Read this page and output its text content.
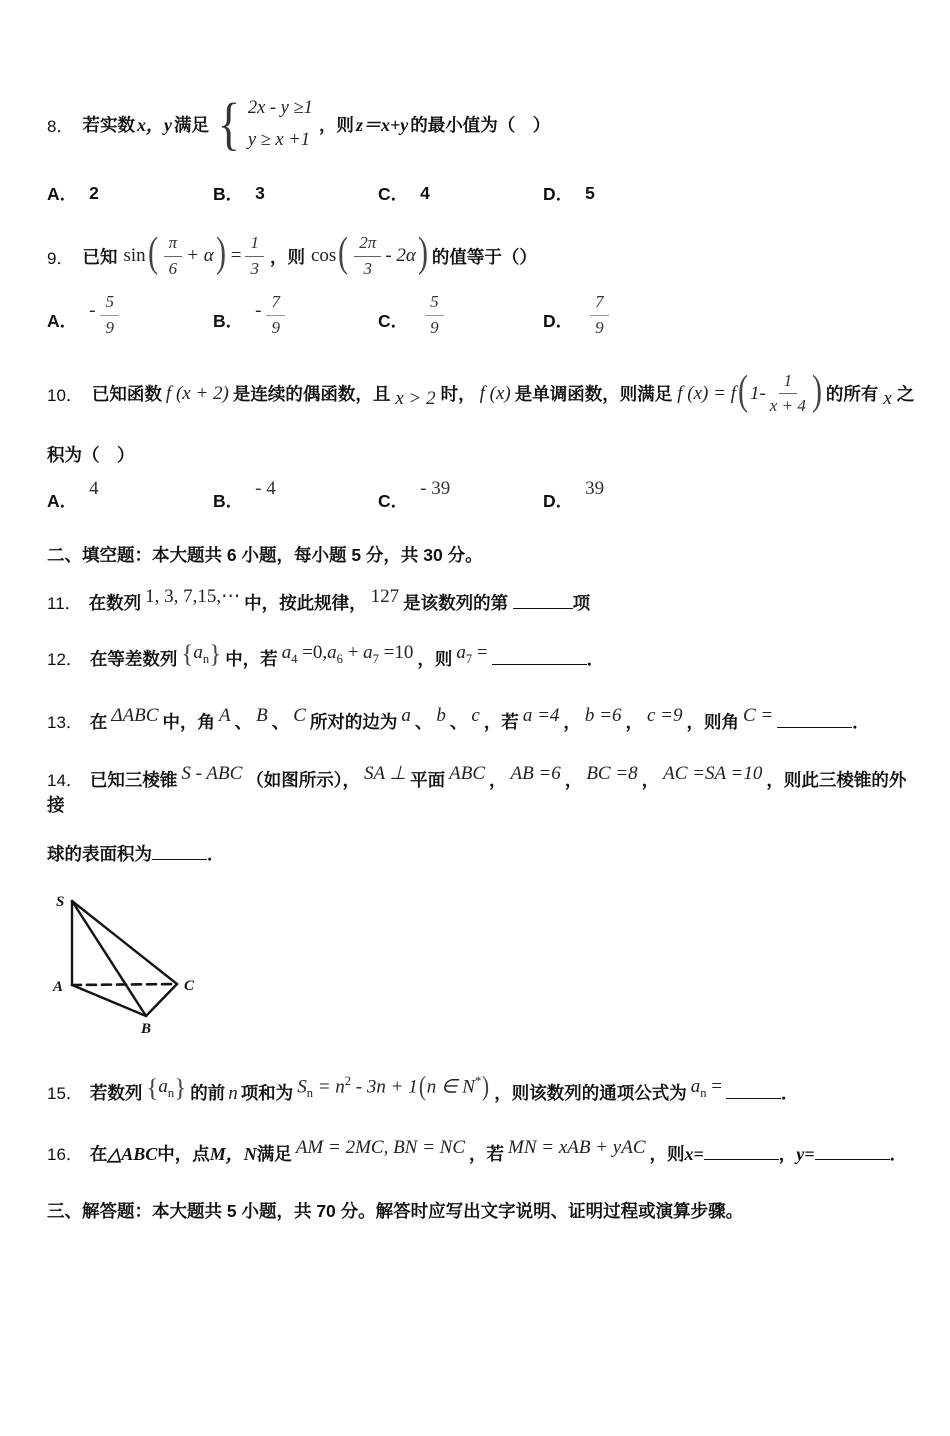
8． 若实数 x，y 满足 { 2x - y ≥1
y ≥ x +1
，则 z＝x+y 的最小值为（　）
A． 2	B． 3	C． 4	D． 5
9． 已知 sin ( $\frac{\pi}{6} + \alpha$ ) = $\frac{1}{3}$ ，则 cos ( $\frac{2\pi}{3} - 2\alpha$ ) 的值等于（）
A． - $\frac{5}{9}$	B． - $\frac{7}{9}$	C． $\frac{5}{9}$	D． $\frac{7}{9}$
10． 已知函数 f (x + 2) 是连续的偶函数，且 x > 2 时， f (x) 是单调函数，则满足 f (x) = f ( $1- \frac{1}{x + 4}$ ) 的所有 x 之
积为（　）
A．
4
B．
- 4
C．
- 39
D．
39
二、填空题：本大题共 6 小题，每小题 5 分，共 30 分。
11． 在数列 1, 3, 7,15,⋯ 中，按此规律， 127 是该数列的第	项
12． 在等差数列 $\{a_n\}$ 中，若 $a_4 =0,a_6 + a_7 =10$ ，则 $a_7$ =	．
13． 在 ΔABC 中，角 A 、 B 、 C 所对的边为 a 、 b 、 c ，若 a =4 ， b =6 ， c =9 ，则角 C =	．
14． 已知三棱锥 S - ABC （如图所示）， SA ⊥ 平面 ABC ， AB =6 ， BC =8 ， AC =SA =10 ，则此三棱锥的外接
球的表面积为	．
S
A
B
C
15． 若数列 $\{a_n\}$ 的前 n 项和为 $S_n = n^2 - 3n + 1(n$ ∈ N*) ，则该数列的通项公式为 $a_n$ =	．
16． 在△ABC中，点M，N满足 AM = 2MC, BN = NC ，若 MN = xAB + yAC ，则x=	，y=	．
三、解答题：本大题共 5 小题，共 70 分。解答时应写出文字说明、证明过程或演算步骤。
